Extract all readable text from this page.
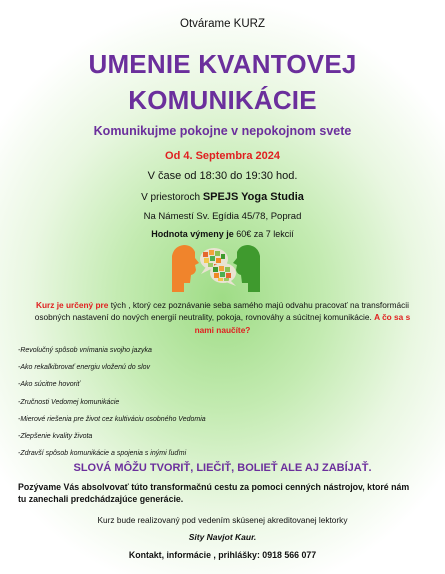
Otvárame KURZ
UMENIE KVANTOVEJ
KOMUNIKÁCIE
Komunikujme pokojne v nepokojnom svete
Od 4. Septembra 2024
V čase od 18:30 do 19:30 hod.
V priestoroch SPEJS Yoga Studia
Na Námestí Sv. Egídia 45/78, Poprad
Hodnota výmeny je 60€ za 7 lekcií
Kurz je určený pre tých , ktorý cez poznávanie seba samého majú odvahu pracovať na transformácii osobných nastavení do nových energií neutrality, pokoja, rovnováhy a súcitnej komunikácie. A čo sa s nami naučíte?
-Revolučný spôsob vnímania svojho jazyka
-Ako rekalkibrovať energiu vloženú do slov
-Ako súcitne hovoriť
-Zručnosti Vedomej komunikácie
-Mierové riešenia pre život cez kultiváciu osobného Vedomia
-Zlepšenie kvality života
-Zdravší spôsob komunikácie a spojenia s inými ľuďmi
SLOVÁ MÔŽU TVORIŤ, LIEČIŤ, BOLIEŤ ALE AJ ZABÍJAŤ.
Pozývame Vás absolvovať túto transformačnú cestu za pomoci cenných nástrojov, ktoré nám tu zanechali predchádzajúce generácie.
Kurz bude realizovaný pod vedením skúsenej akreditovanej lektorky
Sity Navjot Kaur.
Kontakt, informácie , prihlášky: 0918 566 077
